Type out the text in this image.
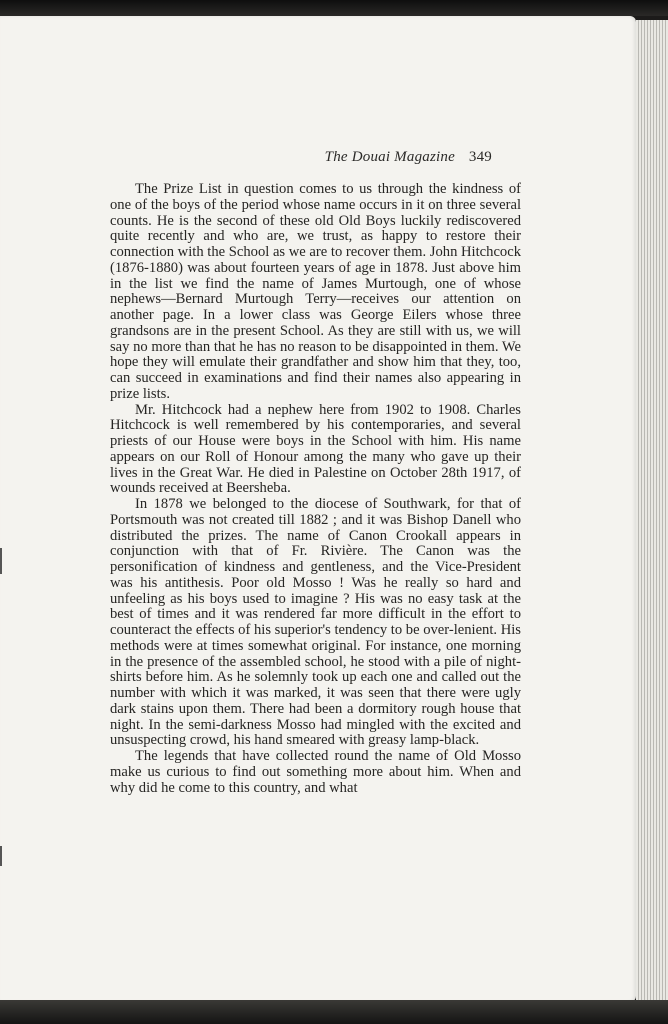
The Douai Magazine 349

The Prize List in question comes to us through the kindness of one of the boys of the period whose name occurs in it on three several counts. He is the second of these old Old Boys luckily rediscovered quite recently and who are, we trust, as happy to restore their connection with the School as we are to recover them. John Hitchcock (1876-1880) was about fourteen years of age in 1878. Just above him in the list we find the name of James Murtough, one of whose nephews—Bernard Murtough Terry—receives our attention on another page. In a lower class was George Eilers whose three grandsons are in the present School. As they are still with us, we will say no more than that he has no reason to be disappointed in them. We hope they will emulate their grandfather and show him that they, too, can succeed in examinations and find their names also appearing in prize lists.

Mr. Hitchcock had a nephew here from 1902 to 1908. Charles Hitchcock is well remembered by his contemporaries, and several priests of our House were boys in the School with him. His name appears on our Roll of Honour among the many who gave up their lives in the Great War. He died in Palestine on October 28th 1917, of wounds received at Beersheba.

In 1878 we belonged to the diocese of Southwark, for that of Portsmouth was not created till 1882 ; and it was Bishop Danell who distributed the prizes. The name of Canon Crookall appears in conjunction with that of Fr. Rivière. The Canon was the personification of kindness and gentleness, and the Vice-President was his antithesis. Poor old Mosso ! Was he really so hard and unfeeling as his boys used to imagine ? His was no easy task at the best of times and it was rendered far more difficult in the effort to counteract the effects of his superior's tendency to be over-lenient. His methods were at times somewhat original. For instance, one morning in the presence of the assembled school, he stood with a pile of night-shirts before him. As he solemnly took up each one and called out the number with which it was marked, it was seen that there were ugly dark stains upon them. There had been a dormitory rough house that night. In the semi-darkness Mosso had mingled with the excited and unsuspecting crowd, his hand smeared with greasy lamp-black.

The legends that have collected round the name of Old Mosso make us curious to find out something more about him. When and why did he come to this country, and what
